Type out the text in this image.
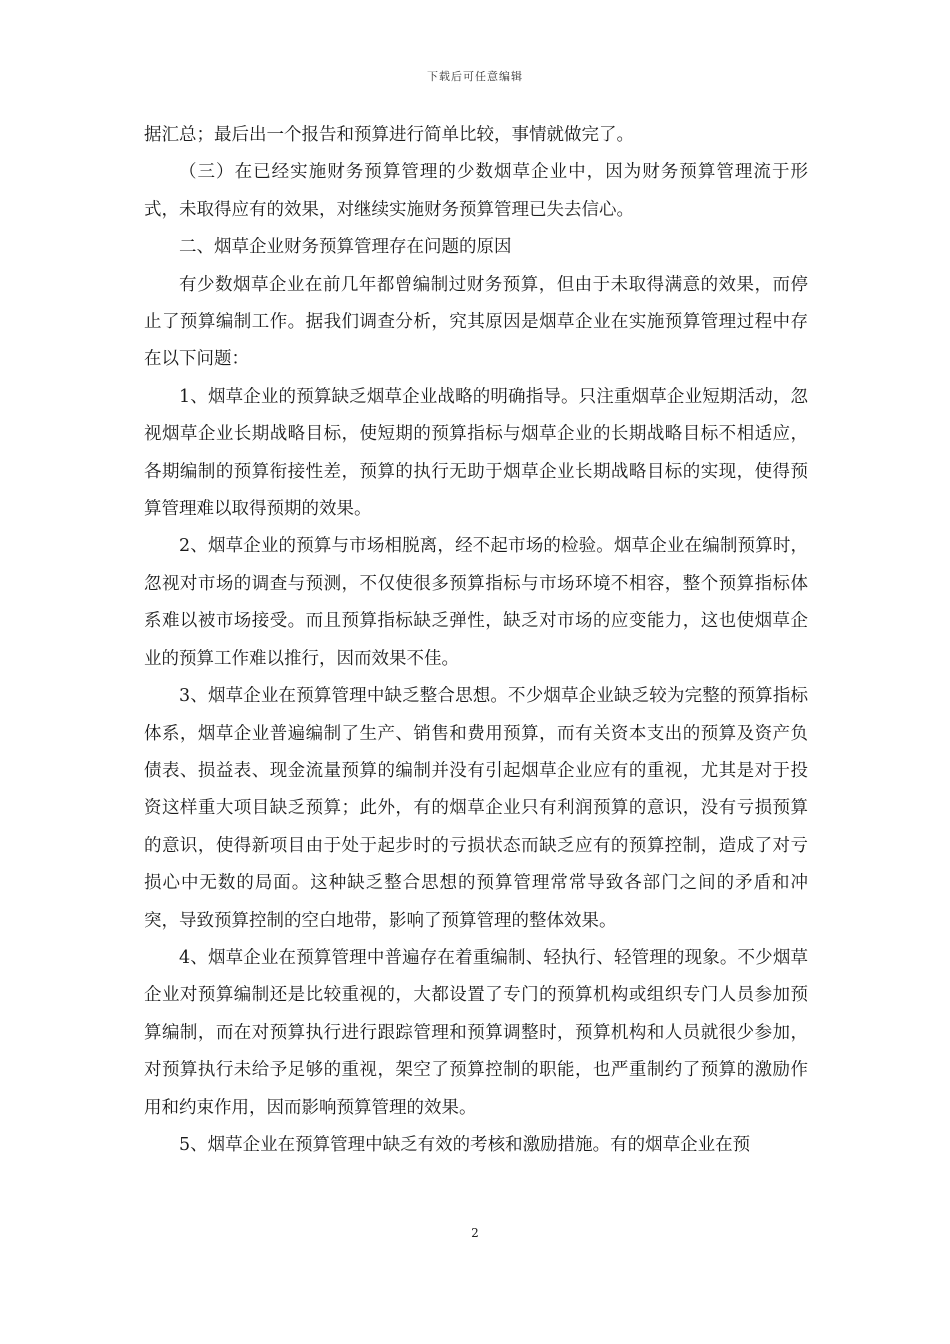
下载后可任意编辑

据汇总；最后出一个报告和预算进行简单比较，事情就做完了。

（三）在已经实施财务预算管理的少数烟草企业中，因为财务预算管理流于形式，未取得应有的效果，对继续实施财务预算管理已失去信心。

二、烟草企业财务预算管理存在问题的原因

有少数烟草企业在前几年都曾编制过财务预算，但由于未取得满意的效果，而停止了预算编制工作。据我们调查分析，究其原因是烟草企业在实施预算管理过程中存在以下问题：

1、烟草企业的预算缺乏烟草企业战略的明确指导。只注重烟草企业短期活动，忽视烟草企业长期战略目标，使短期的预算指标与烟草企业的长期战略目标不相适应，各期编制的预算衔接性差，预算的执行无助于烟草企业长期战略目标的实现，使得预算管理难以取得预期的效果。

2、烟草企业的预算与市场相脱离，经不起市场的检验。烟草企业在编制预算时，忽视对市场的调查与预测，不仅使很多预算指标与市场环境不相容，整个预算指标体系难以被市场接受。而且预算指标缺乏弹性，缺乏对市场的应变能力，这也使烟草企业的预算工作难以推行，因而效果不佳。

3、烟草企业在预算管理中缺乏整合思想。不少烟草企业缺乏较为完整的预算指标体系，烟草企业普遍编制了生产、销售和费用预算，而有关资本支出的预算及资产负债表、损益表、现金流量预算的编制并没有引起烟草企业应有的重视，尤其是对于投资这样重大项目缺乏预算；此外，有的烟草企业只有利润预算的意识，没有亏损预算的意识，使得新项目由于处于起步时的亏损状态而缺乏应有的预算控制，造成了对亏损心中无数的局面。这种缺乏整合思想的预算管理常常导致各部门之间的矛盾和冲突，导致预算控制的空白地带，影响了预算管理的整体效果。

4、烟草企业在预算管理中普遍存在着重编制、轻执行、轻管理的现象。不少烟草企业对预算编制还是比较重视的，大都设置了专门的预算机构或组织专门人员参加预算编制，而在对预算执行进行跟踪管理和预算调整时，预算机构和人员就很少参加，对预算执行未给予足够的重视，架空了预算控制的职能，也严重制约了预算的激励作用和约束作用，因而影响预算管理的效果。

5、烟草企业在预算管理中缺乏有效的考核和激励措施。有的烟草企业在预

2
